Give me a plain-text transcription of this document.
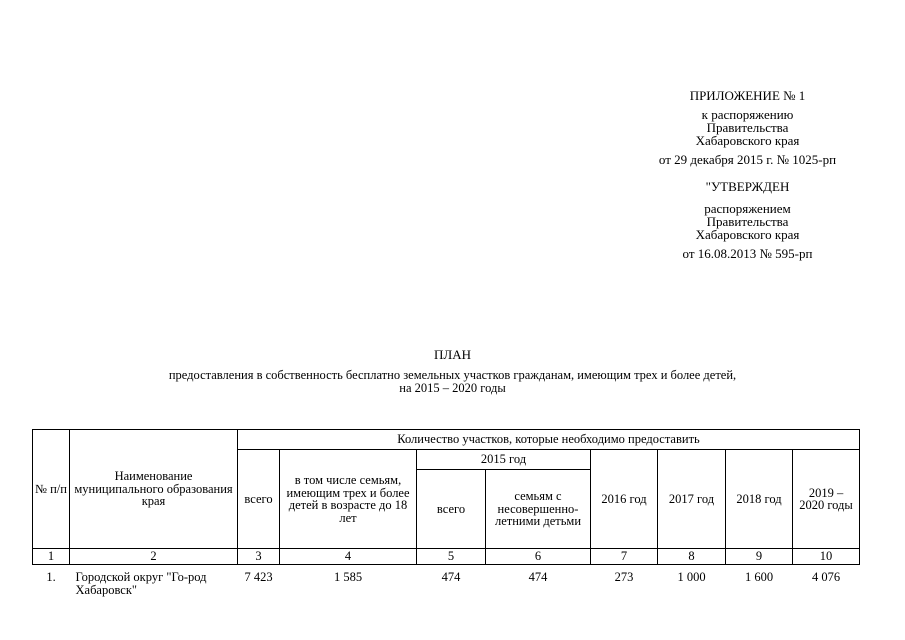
ПРИЛОЖЕНИЕ № 1
к распоряжению
Правительства
Хабаровского края
от 29 декабря 2015 г. № 1025-рп
"УТВЕРЖДЕН
распоряжением
Правительства
Хабаровского края
от 16.08.2013 № 595-рп
ПЛАН
предоставления в собственность бесплатно земельных участков гражданам, имеющим трех и более детей,
на 2015 – 2020 годы
№ п/п	Наименование муниципального образования края	Количество участков, которые необходимо предоставить							
		всего	в том числе семьям, имеющим трех и более детей в возрасте до 18 лет	2015 год		2016 год	2017 год	2018 год	2019 – 2020 годы
				всего	семьям с несовершенно-летними детьми				
1	2	3	4	5	6	7	8	9	10
1.	Городской округ "Го-род Хабаровск"	7 423	1 585	474	474	273	1 000	1 600	4 076
